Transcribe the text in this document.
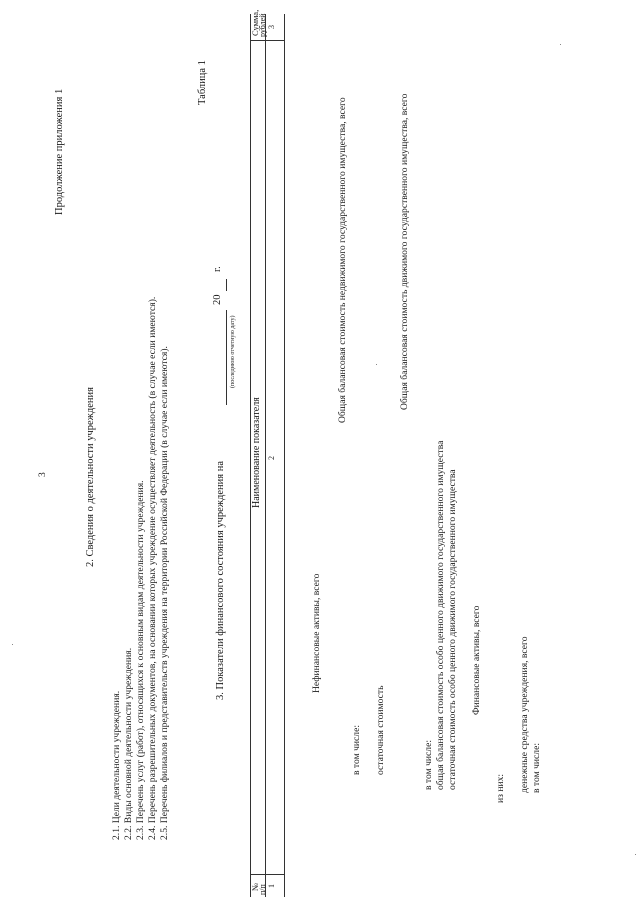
3
Продолжение приложения 1
2. Сведения о деятельности учреждения
2.1. Цели деятельности учреждения. 2.2. Виды основной деятельности учреждения. 2.3. Перечень услуг (работ), относящихся к основным видам деятельности учреждения. 2.4. Перечень разрешительных документов, на основании которых учреждение осуществляет деятельность (в случае если имеются). 2.5. Перечень филиалов и представительств учреждения на территории Российской Федерации (в случае если имеются).
Таблица 1
3. Показатели финансового состояния учреждения на
20
г.
(последнюю отчетную дату)
№
п/п
Наименование показателя
Сумма,
рублей
1
2
3
Нефинансовые активы, всего
Общая балансовая стоимость недвижимого государственного имущества, всего
в том числе: остаточная стоимость
Общая балансовая стоимость движимого государственного имущества, всего
в том числе: общая балансовая стоимость особо ценного движимого государственного имущества остаточная стоимость особо ценного движимого государственного имущества Финансовые активы, всего
из них: денежные средства учреждения, всего в том числе:
